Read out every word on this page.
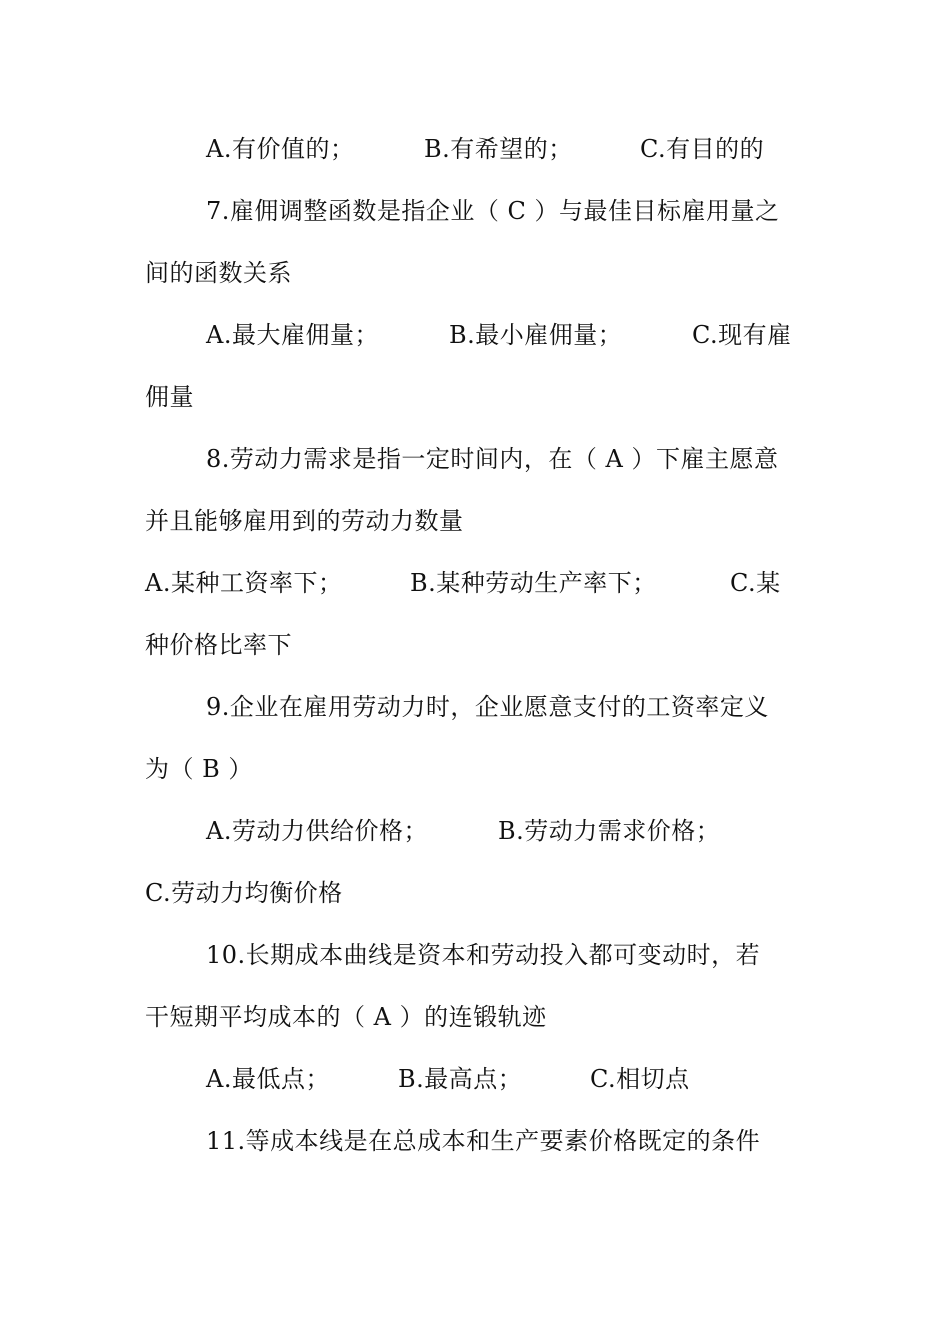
A.有价值的；	B.有希望的；	C.有目的的
7.雇佣调整函数是指企业（ C ）与最佳目标雇用量之
间的函数关系
A.最大雇佣量；	B.最小雇佣量；	C.现有雇
佣量
8.劳动力需求是指一定时间内，在（ A ）下雇主愿意
并且能够雇用到的劳动力数量
A.某种工资率下；	B.某种劳动生产率下；	C.某
种价格比率下
9.企业在雇用劳动力时，企业愿意支付的工资率定义
为（ B ）
A.劳动力供给价格；	B.劳动力需求价格；
C.劳动力均衡价格
10.长期成本曲线是资本和劳动投入都可变动时，若
干短期平均成本的（ A ）的连锻轨迹
A.最低点；	B.最高点；	C.相切点
11.等成本线是在总成本和生产要素价格既定的条件
